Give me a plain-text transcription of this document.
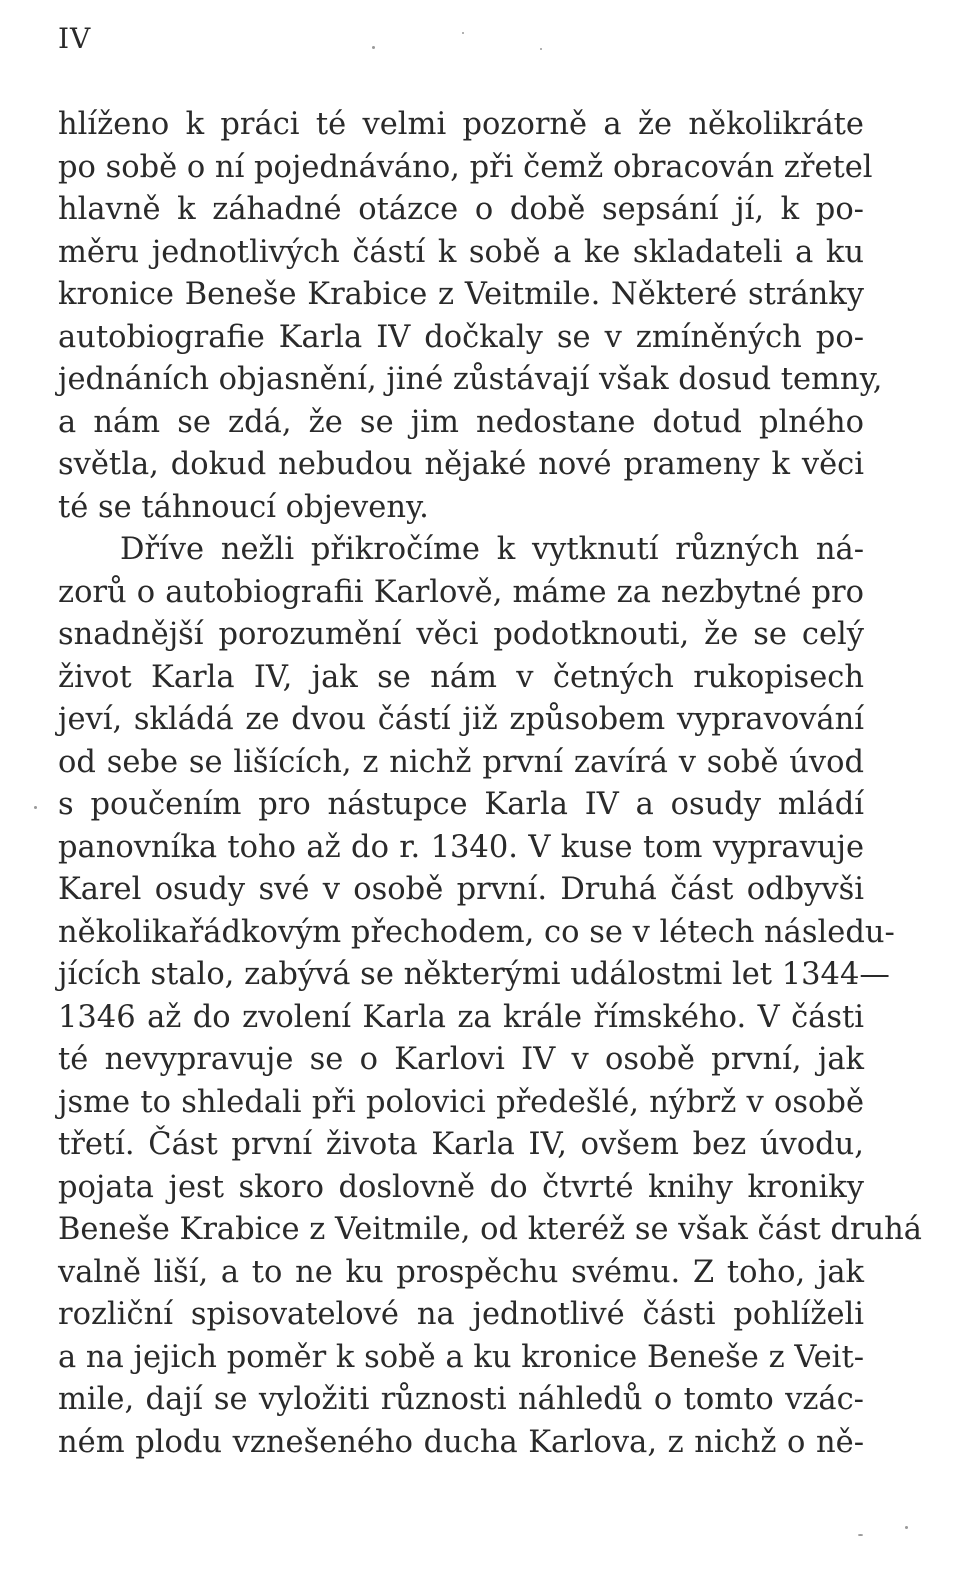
IV
hlíženo k práci té velmi pozorně a že několikráte
po sobě o ní pojednáváno, při čemž obracován zřetel
hlavně k záhadné otázce o době sepsání jí, k po-
měru jednotlivých částí k sobě a ke skladateli a ku
kronice Beneše Krabice z Veitmile. Některé stránky
autobiografie Karla IV dočkaly se v zmíněných po-
jednáních objasnění, jiné zůstávají však dosud temny,
a nám se zdá, že se jim nedostane dotud plného
světla, dokud nebudou nějaké nové prameny k věci
té se táhnoucí objeveny.
Dříve nežli přikročíme k vytknutí různých ná-
zorů o autobiografii Karlově, máme za nezbytné pro
snadnější porozumění věci podotknouti, že se celý
život Karla IV, jak se nám v četných rukopisech
jeví, skládá ze dvou částí již způsobem vypravování
od sebe se lišících, z nichž první zavírá v sobě úvod
s poučením pro nástupce Karla IV a osudy mládí
panovníka toho až do r. 1340. V kuse tom vypravuje
Karel osudy své v osobě první. Druhá část odbyvši
několikařádkovým přechodem, co se v létech následu-
jících stalo, zabývá se některými událostmi let 1344—
1346 až do zvolení Karla za krále římského. V části
té nevypravuje se o Karlovi IV v osobě první, jak
jsme to shledali při polovici předešlé, nýbrž v osobě
třetí. Část první života Karla IV, ovšem bez úvodu,
pojata jest skoro doslovně do čtvrté knihy kroniky
Beneše Krabice z Veitmile, od kteréž se však část druhá
valně liší, a to ne ku prospěchu svému. Z toho, jak
rozliční spisovatelové na jednotlivé části pohlíželi
a na jejich poměr k sobě a ku kronice Beneše z Veit-
mile, dají se vyložiti různosti náhledů o tomto vzác-
ném plodu vznešeného ducha Karlova, z nichž o ně-
